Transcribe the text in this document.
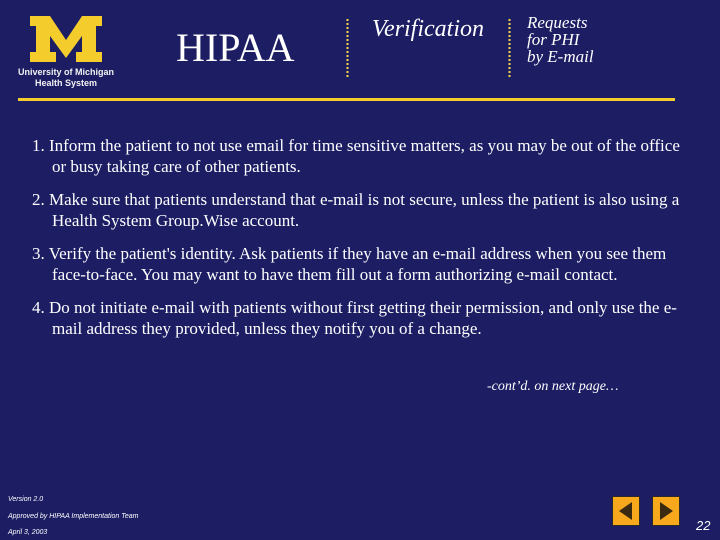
University of Michigan
Health System
HIPAA	Verification	Requests
for PHI
by E-mail

1. Inform the patient to not use email for time sensitive matters, as you may be out of the office or busy taking care of other patients.

2. Make sure that patients understand that e-mail is not secure, unless the patient is also using a Health System Group.Wise account.

3. Verify the patient's identity. Ask patients if they have an e-mail address when you see them face-to-face. You may want to have them fill out a form authorizing e-mail contact.

4. Do not initiate e-mail with patients without first getting their permission, and only use the e-mail address they provided, unless they notify you of a change.

-cont’d. on next page…
Version 2.0
Approved by HIPAA Implementation Team
April 3, 2003	22
